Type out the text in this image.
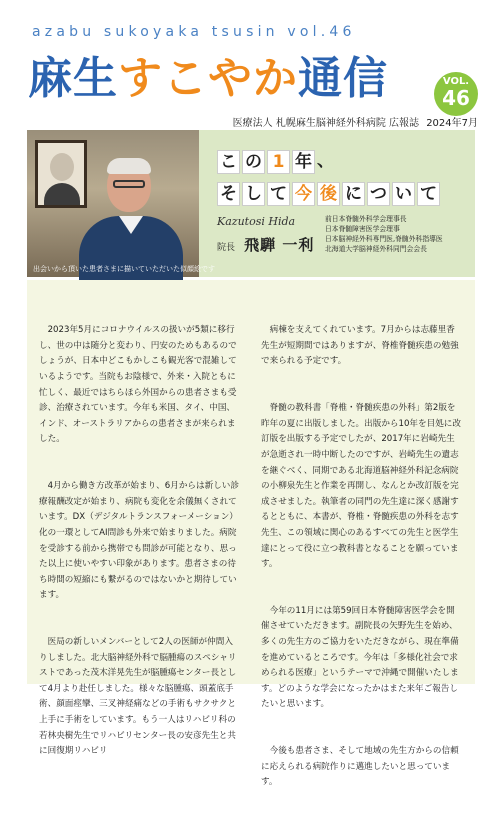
azabu sukoyaka tsusin vol.46
麻生すこやか通信	VOL.
46
医療法人 札幌麻生脳神経外科病院 広報誌 2024年7月
出会いから頂いた患者さまに描いていただいた似顔絵です
こ の 1 年 、
そ し て 今 後 に つ い て
Kazutosi Hida
院長 飛騨 一利
前日本脊髄外科学会理事長
日本脊髄障害医学会理事
日本脳神経外科専門医,脊髄外科指導医
北海道大学脳神経外科同門会会長

2023年5月にコロナウイルスの扱いが5類に移行し、世の中は随分と変わり、円安のためもあるのでしょうが、日本中どこもかしこも観光客で混雑しているようです。当院もお陰様で、外来・入院ともに忙しく、最近ではちらほら外国からの患者さまも受診、治療されています。今年も米国、タイ、中国、インド、オーストラリアからの患者さまが来られました。

4月から働き方改革が始まり、6月からは新しい診療報酬改定が始まり、病院も変化を余儀無くされています。DX（デジタルトランスフォーメーション）化の一環としてAI問診も外来で始まりました。病院を受診する前から携帯でも問診が可能となり、思った以上に使いやすい印象があります。患者さまの待ち時間の短縮にも繋がるのではないかと期待しています。

医局の新しいメンバーとして2人の医師が仲間入りしました。北大脳神経外科で脳腫瘍のスペシャリストであった茂木洋晃先生が脳腫瘍センター長として4月より赴任しました。様々な脳腫瘍、頭蓋底手術、顔面痙攣、三叉神経痛などの手術もサクサクと上手に手術をしています。もう一人はリハビリ科の若林央樹先生でリハビリセンター長の安彦先生と共に回復期リハビリ

病棟を支えてくれています。7月からは志藤里香先生が短期間ではありますが、脊椎脊髄疾患の勉強で来られる予定です。

脊髄の教科書「脊椎・脊髄疾患の外科」第2版を昨年の夏に出版しました。出版から10年を目処に改訂版を出版する予定でしたが、2017年に岩崎先生が急逝され一時中断したのですが、岩崎先生の遺志を継ぐべく、同期である北海道脳神経外科記念病院の小柳泉先生と作業を再開し、なんとか改訂版を完成させました。執筆者の同門の先生達に深く感謝するとともに、本書が、脊椎・脊髄疾患の外科を志す先生、この領域に関心のあるすべての先生と医学生達にとって役に立つ教科書となることを願っています。

今年の11月には第59回日本脊髄障害医学会を開催させていただきます。副院長の矢野先生を始め、多くの先生方のご協力をいただきながら、現在準備を進めているところです。今年は「多様化社会で求められる医療」というテーマで沖縄で開催いたします。どのような学会になったかはまた来年ご報告したいと思います。

今後も患者さま、そして地域の先生方からの信頼に応えられる病院作りに邁進したいと思っています。
